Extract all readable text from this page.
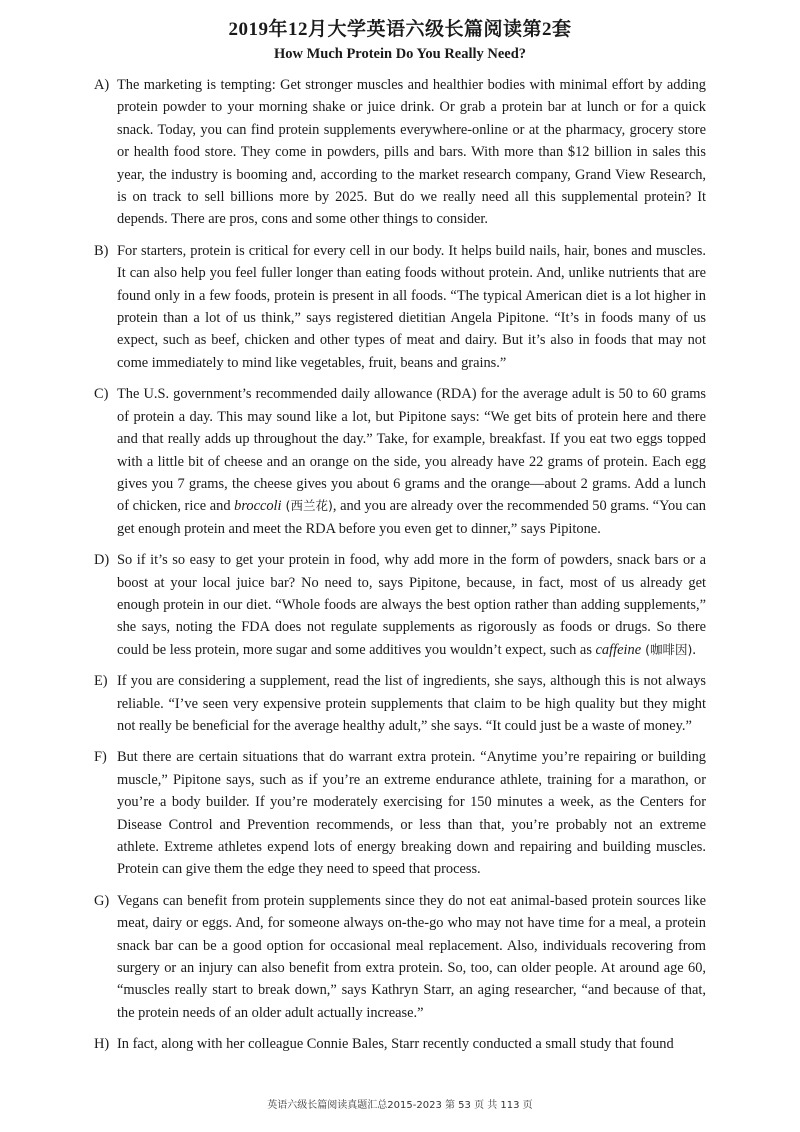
2019年12月大学英语六级长篇阅读第2套
How Much Protein Do You Really Need?

A) The marketing is tempting: Get stronger muscles and healthier bodies with minimal effort by adding protein powder to your morning shake or juice drink. Or grab a protein bar at lunch or for a quick snack. Today, you can find protein supplements everywhere-online or at the pharmacy, grocery store or health food store. They come in powders, pills and bars. With more than $12 billion in sales this year, the industry is booming and, according to the market research company, Grand View Research, is on track to sell billions more by 2025. But do we really need all this supplemental protein? It depends. There are pros, cons and some other things to consider.

B) For starters, protein is critical for every cell in our body. It helps build nails, hair, bones and muscles. It can also help you feel fuller longer than eating foods without protein. And, unlike nutrients that are found only in a few foods, protein is present in all foods. “The typical American diet is a lot higher in protein than a lot of us think,” says registered dietitian Angela Pipitone. “It’s in foods many of us expect, such as beef, chicken and other types of meat and dairy. But it’s also in foods that may not come immediately to mind like vegetables, fruit, beans and grains.”

C) The U.S. government’s recommended daily allowance (RDA) for the average adult is 50 to 60 grams of protein a day. This may sound like a lot, but Pipitone says: “We get bits of protein here and there and that really adds up throughout the day.” Take, for example, breakfast. If you eat two eggs topped with a little bit of cheese and an orange on the side, you already have 22 grams of protein. Each egg gives you 7 grams, the cheese gives you about 6 grams and the orange—about 2 grams. Add a lunch of chicken, rice and broccoli (西兰花), and you are already over the recommended 50 grams. “You can get enough protein and meet the RDA before you even get to dinner,” says Pipitone.

D) So if it’s so easy to get your protein in food, why add more in the form of powders, snack bars or a boost at your local juice bar? No need to, says Pipitone, because, in fact, most of us already get enough protein in our diet. “Whole foods are always the best option rather than adding supplements,” she says, noting the FDA does not regulate supplements as rigorously as foods or drugs. So there could be less protein, more sugar and some additives you wouldn’t expect, such as caffeine (咖啡因).

E) If you are considering a supplement, read the list of ingredients, she says, although this is not always reliable. “I’ve seen very expensive protein supplements that claim to be high quality but they might not really be beneficial for the average healthy adult,” she says. “It could just be a waste of money.”

F) But there are certain situations that do warrant extra protein. “Anytime you’re repairing or building muscle,” Pipitone says, such as if you’re an extreme endurance athlete, training for a marathon, or you’re a body builder. If you’re moderately exercising for 150 minutes a week, as the Centers for Disease Control and Prevention recommends, or less than that, you’re probably not an extreme athlete. Extreme athletes expend lots of energy breaking down and repairing and building muscles. Protein can give them the edge they need to speed that process.

G) Vegans can benefit from protein supplements since they do not eat animal-based protein sources like meat, dairy or eggs. And, for someone always on-the-go who may not have time for a meal, a protein snack bar can be a good option for occasional meal replacement. Also, individuals recovering from surgery or an injury can also benefit from extra protein. So, too, can older people. At around age 60, “muscles really start to break down,” says Kathryn Starr, an aging researcher, “and because of that, the protein needs of an older adult actually increase.”

H) In fact, along with her colleague Connie Bales, Starr recently conducted a small study that found

英语六级长篇阅读真题汇总2015-2023 第 53 页 共 113 页
